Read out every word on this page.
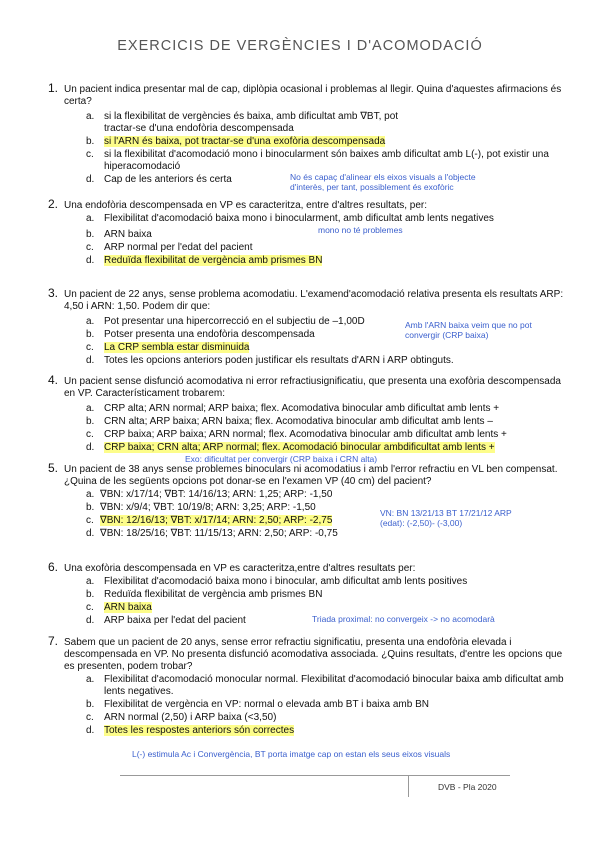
EXERCICIS DE VERGÈNCIES I D'ACOMODACIÓ
1. Un pacient indica presentar mal de cap, diplòpia ocasional i problemas al llegir. Quina d'aquestes afirmacions és certa?
a. si la flexibilitat de vergències és baixa, amb dificultat amb ∇BT, pot tractar-se d'una endofòria descompensada
b. si l'ARN és baixa, pot tractar-se d'una exofòria descompensada
c. si la flexibilitat d'acomodació mono i binocularment són baixes amb dificultat amb L(-), pot existir una hiperacomodació
d. Cap de les anteriors és certa	No és capaç d'alinear els eixos visuals a l'objecte d'interès, per tant, possiblement és exofòric
2. Una endofòria descompensada en VP es caracteritza, entre d'altres resultats, per:
a. Flexibilitat d'acomodació baixa mono i binocularment, amb dificultat amb lents negatives
b. ARN baixa
c. ARP normal per l'edat del pacient
d. Reduïda flexibilitat de vergència amb prismes BN
mono no té problemes
3. Un pacient de 22 anys, sense problema acomodatiu. L'examend'acomodació relativa presenta els resultats ARP: 4,50 i ARN: 1,50. Podem dir que:
a. Pot presentar una hipercorrecció en el subjectiu de –1,00D
b. Potser presenta una endofòria descompensada
c. La CRP sembla estar disminuida
d. Totes les opcions anteriors poden justificar els resultats d'ARN i ARP obtinguts.
Amb l'ARN baixa veim que no pot convergir (CRP baixa)
4. Un pacient sense disfunció acomodativa ni error refractiusignificatiu, que presenta una exofòria descompensada en VP. Característicament trobarem:
a. CRP alta; ARN normal; ARP baixa; flex. Acomodativa binocular amb dificultat amb lents +
b. CRN alta; ARP baixa; ARN baixa; flex. Acomodativa binocular amb dificultat amb lents –
c. CRP baixa; ARP baixa; ARN normal; flex. Acomodativa binocular amb dificultat amb lents +
d. CRP baixa; CRN alta; ARP normal; flex. Acomodació binocular ambdificultat amb lents +
Exo: dificultat per convergir (CRP baixa i CRN alta)
5. Un pacient de 38 anys sense problemes binoculars ni acomodatius i amb l'error refractiu en VL ben compensat. ¿Quina de les següents opcions pot donar-se en l'examen VP (40 cm) del pacient?
a. ∇BN: x/17/14; ∇BT: 14/16/13; ARN: 1,25; ARP: -1,50
b. ∇BN: x/9/4; ∇BT: 10/19/8; ARN: 3,25; ARP: -1,50
c. ∇BN: 12/16/13; ∇BT: x/17/14; ARN: 2,50; ARP: -2,75
d. ∇BN: 18/25/16; ∇BT: 11/15/13; ARN: 2,50; ARP: -0,75
VN: BN 13/21/13 BT 17/21/12 ARP (edat): (-2,50)- (-3,00)
6. Una exofòria descompensada en VP es caracteritza,entre d'altres resultats per:
a. Flexibilitat d'acomodació baixa mono i binocular, amb dificultat amb lents positives
b. Reduïda flexibilitat de vergència amb prismes BN
c. ARN baixa
d. ARP baixa per l'edat del pacient	Triada proximal: no convergeix -> no acomodarà
7. Sabem que un pacient de 20 anys, sense error refractiu significatiu, presenta una endofòria elevada i descompensada en VP. No presenta disfunció acomodativa associada. ¿Quins resultats, d'entre les opcions que es presenten, podem trobar?
a. Flexibilitat d'acomodació monocular normal. Flexibilitat d'acomodació binocular baixa amb dificultat amb lents negatives.
b. Flexibilitat de vergència en VP: normal o elevada amb BT i baixa amb BN
c. ARN normal (2,50) i ARP baixa (<3,50)
d. Totes les respostes anteriors són correctes
L(-) estimula Ac i Convergència, BT porta imatge cap on estan els seus eixos visuals
DVB - Pla 2020
